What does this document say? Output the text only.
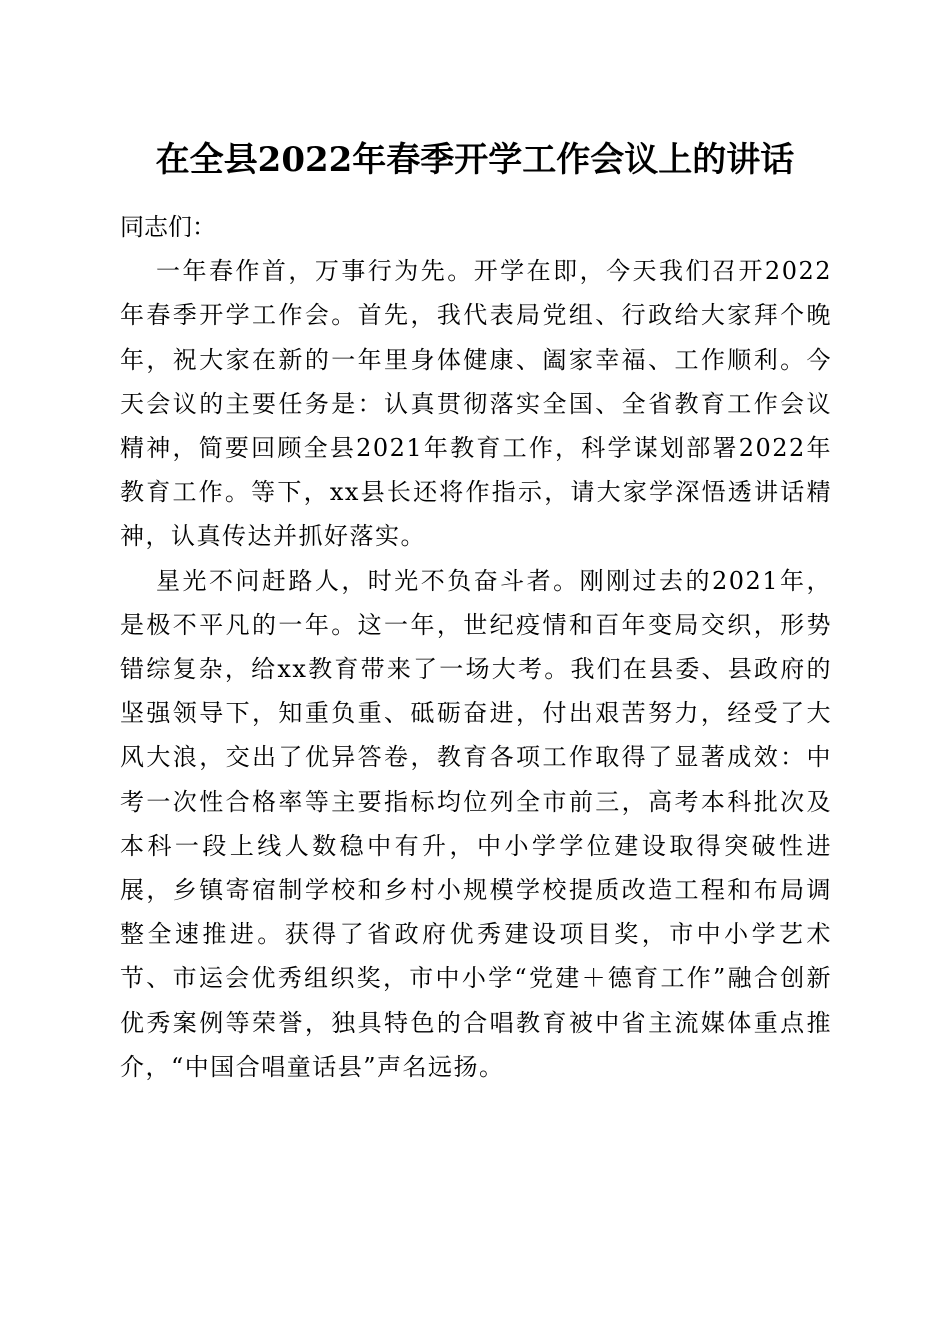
在全县2022年春季开学工作会议上的讲话

同志们：

一年春作首，万事行为先。开学在即，今天我们召开2022年春季开学工作会。首先，我代表局党组、行政给大家拜个晚年，祝大家在新的一年里身体健康、阖家幸福、工作顺利。今天会议的主要任务是：认真贯彻落实全国、全省教育工作会议精神，简要回顾全县2021年教育工作，科学谋划部署2022年教育工作。等下，xx县长还将作指示，请大家学深悟透讲话精神，认真传达并抓好落实。

星光不问赶路人，时光不负奋斗者。刚刚过去的2021年，是极不平凡的一年。这一年，世纪疫情和百年变局交织，形势错综复杂，给xx教育带来了一场大考。我们在县委、县政府的坚强领导下，知重负重、砥砺奋进，付出艰苦努力，经受了大风大浪，交出了优异答卷，教育各项工作取得了显著成效：中考一次性合格率等主要指标均位列全市前三，高考本科批次及本科一段上线人数稳中有升，中小学学位建设取得突破性进展，乡镇寄宿制学校和乡村小规模学校提质改造工程和布局调整全速推进。获得了省政府优秀建设项目奖，市中小学艺术节、市运会优秀组织奖，市中小学“党建＋德育工作”融合创新优秀案例等荣誉，独具特色的合唱教育被中省主流媒体重点推介，“中国合唱童话县”声名远扬。
